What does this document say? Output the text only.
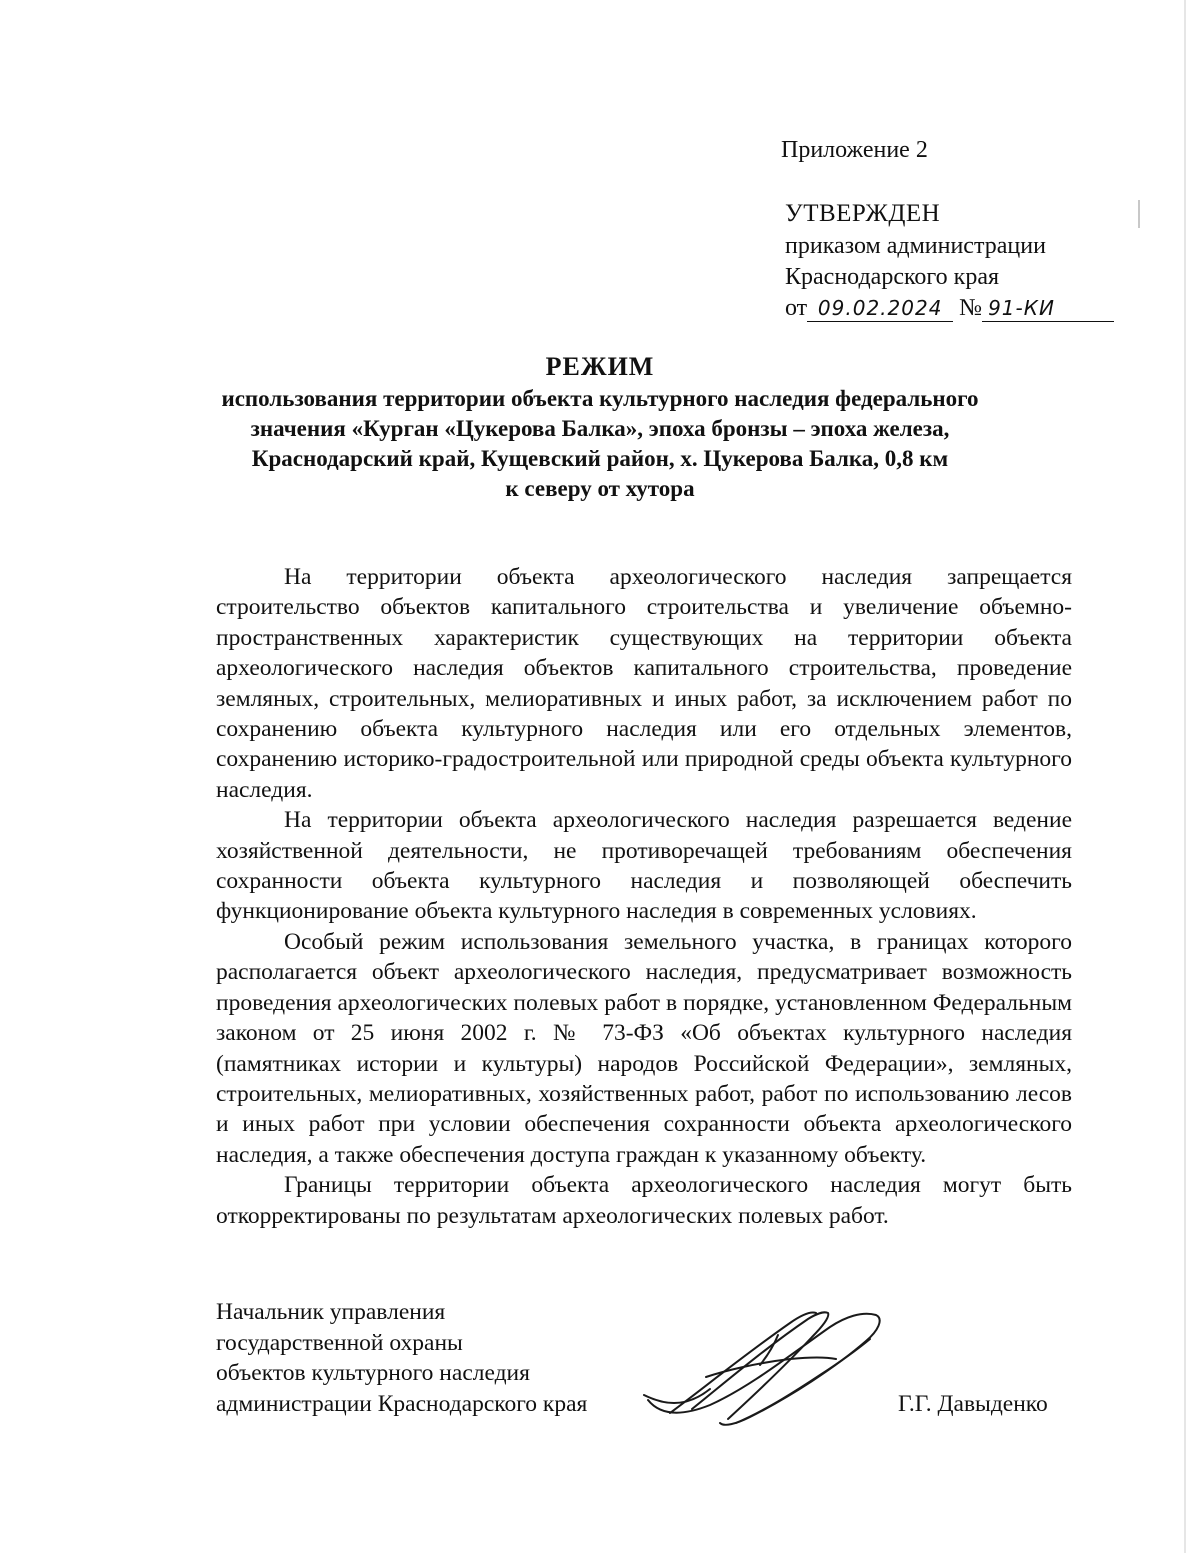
Приложение 2
УТВЕРЖДЕН
приказом администрации
Краснодарского края
от 09.02.2024 № 91-КИ
РЕЖИМ
использования территории объекта культурного наследия федерального
значения «Курган «Цукерова Балка», эпоха бронзы – эпоха железа,
Краснодарский край, Кущевский район, х. Цукерова Балка, 0,8 км
к северу от хутора

На территории объекта археологического наследия запрещается строительство объектов капитального строительства и увеличение объемно-пространственных характеристик существующих на территории объекта археологического наследия объектов капитального строительства, проведение земляных, строительных, мелиоративных и иных работ, за исключением работ по сохранению объекта культурного наследия или его отдельных элементов, сохранению историко-градостроительной или природной среды объекта культурного наследия.

На территории объекта археологического наследия разрешается ведение хозяйственной деятельности, не противоречащей требованиям обеспечения сохранности объекта культурного наследия и позволяющей обеспечить функционирование объекта культурного наследия в современных условиях.

Особый режим использования земельного участка, в границах которого располагается объект археологического наследия, предусматривает возможность проведения археологических полевых работ в порядке, установленном Федеральным законом от 25 июня 2002 г. № 73-ФЗ «Об объектах культурного наследия (памятниках истории и культуры) народов Российской Федерации», земляных, строительных, мелиоративных, хозяйственных работ, работ по использованию лесов и иных работ при условии обеспечения сохранности объекта археологического наследия, а также обеспечения доступа граждан к указанному объекту.

Границы территории объекта археологического наследия могут быть откорректированы по результатам археологических полевых работ.

Начальник управления
государственной охраны
объектов культурного наследия
администрации Краснодарского края	Г.Г. Давыденко
